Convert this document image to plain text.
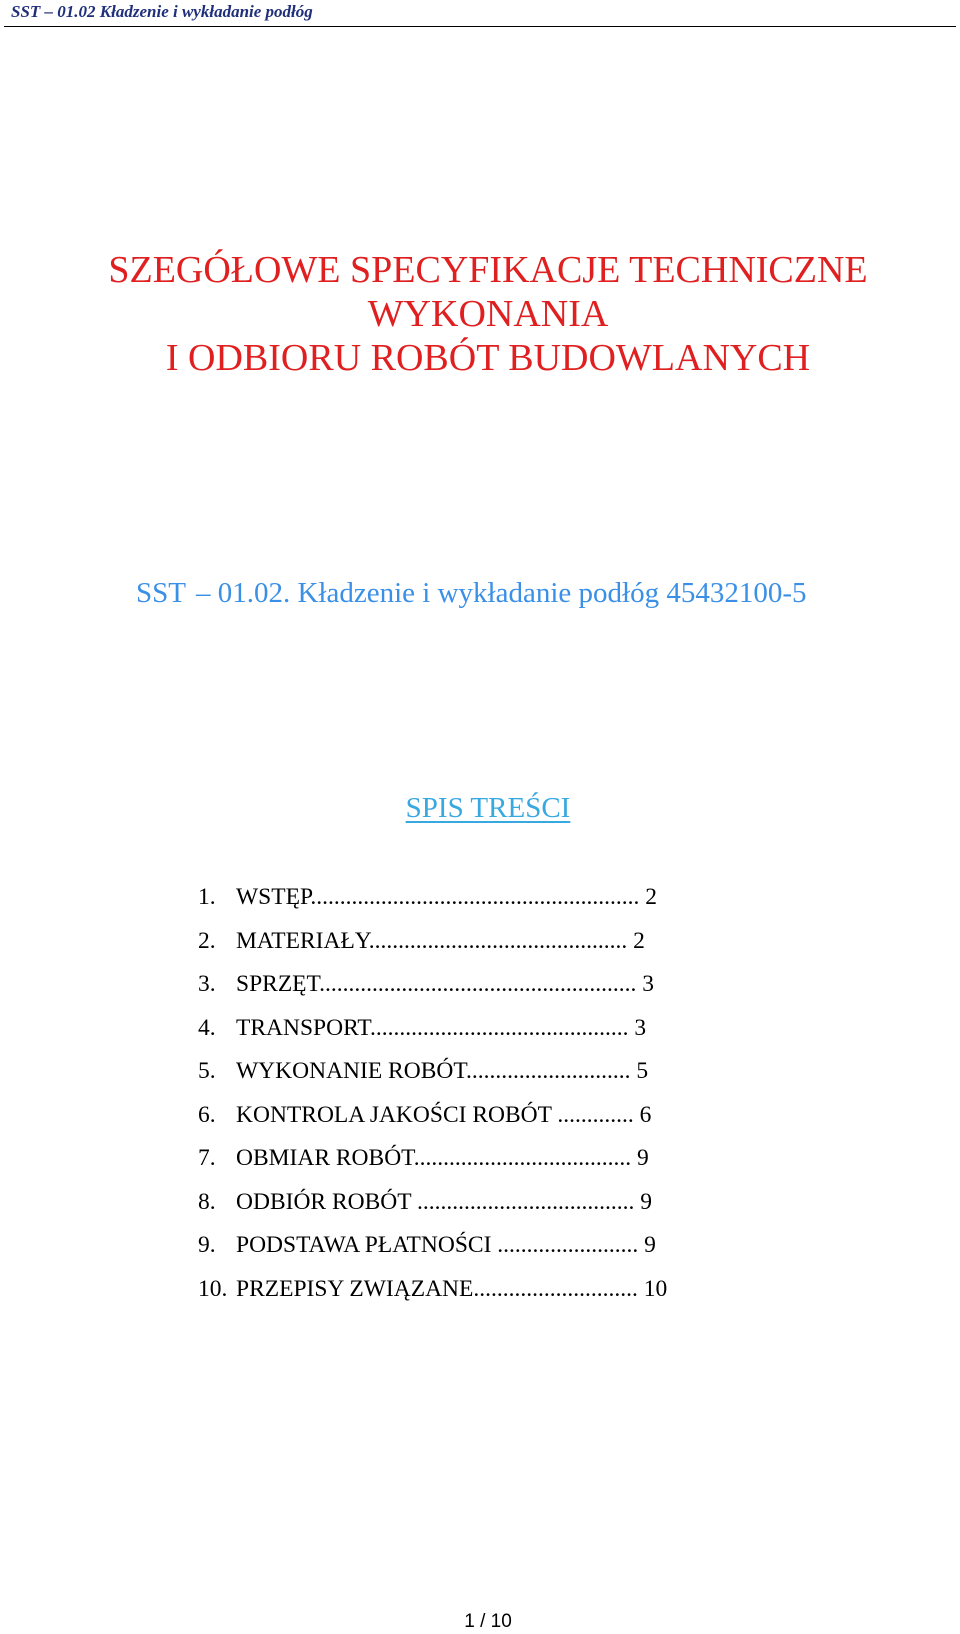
SST – 01.02 Kładzenie i wykładanie podłóg
SZEGÓŁOWE SPECYFIKACJE TECHNICZNE
WYKONANIA
I ODBIORU ROBÓT BUDOWLANYCH
SST – 01.02. Kładzenie i wykładanie podłóg 45432100-5
SPIS TREŚCI
1. WSTĘP........................................................ 2
2. MATERIAŁY............................................ 2
3. SPRZĘT...................................................... 3
4. TRANSPORT............................................ 3
5. WYKONANIE ROBÓT............................ 5
6. KONTROLA JAKOŚCI ROBÓT ............. 6
7. OBMIAR ROBÓT..................................... 9
8. ODBIÓR ROBÓT ..................................... 9
9. PODSTAWA PŁATNOŚCI ........................ 9
10. PRZEPISY ZWIĄZANE............................ 10
1 / 10
